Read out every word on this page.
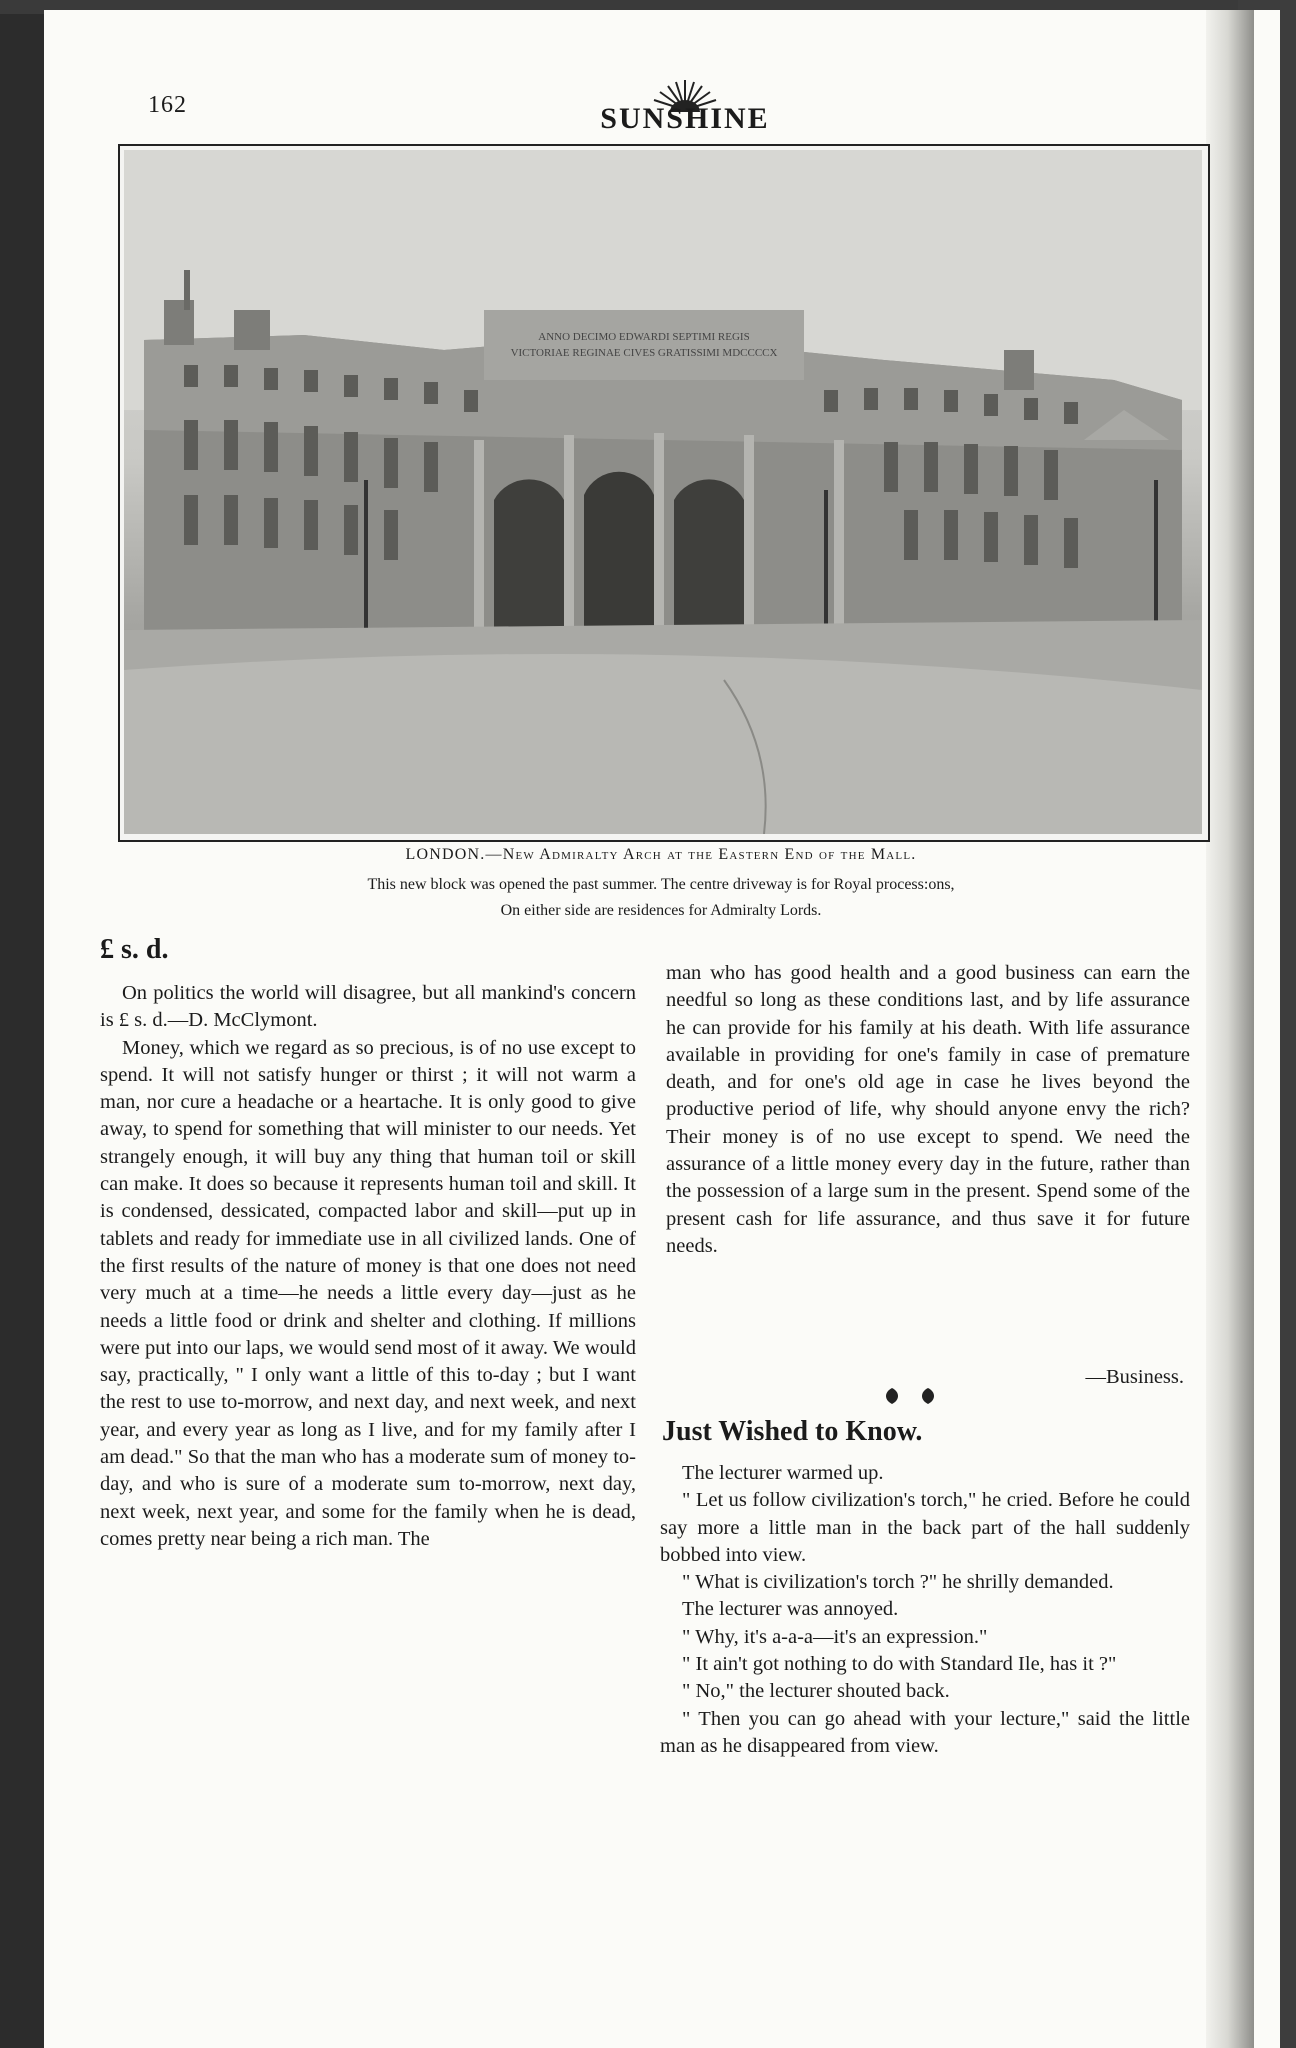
162	SUNSHINE
ANNO DECIMO EDWARDI SEPTIMI REGIS
VICTORIAE REGINAE CIVES GRATISSIMI MDCCCCX
LONDON.—New Admiralty Arch at the Eastern End of the Mall.
This new block was opened the past summer. The centre driveway is for Royal process:ons,
On either side are residences for Admiralty Lords.
£ s. d.

On politics the world will disagree, but all mankind's concern is £ s. d.—D. McClymont.

Money, which we regard as so precious, is of no use except to spend. It will not satisfy hunger or thirst ; it will not warm a man, nor cure a headache or a heartache. It is only good to give away, to spend for something that will minister to our needs. Yet strangely enough, it will buy any thing that human toil or skill can make. It does so because it represents human toil and skill. It is condensed, dessicated, compacted labor and skill—put up in tablets and ready for immediate use in all civilized lands. One of the first results of the nature of money is that one does not need very much at a time—he needs a little every day—just as he needs a little food or drink and shelter and clothing. If millions were put into our laps, we would send most of it away. We would say, practically, " I only want a little of this to-day ; but I want the rest to use to-morrow, and next day, and next week, and next year, and every year as long as I live, and for my family after I am dead." So that the man who has a moderate sum of money to-day, and who is sure of a moderate sum to-morrow, next day, next week, next year, and some for the family when he is dead, comes pretty near being a rich man. The

man who has good health and a good business can earn the needful so long as these conditions last, and by life assurance he can provide for his family at his death. With life assurance available in providing for one's family in case of premature death, and for one's old age in case he lives beyond the productive period of life, why should anyone envy the rich? Their money is of no use except to spend. We need the assurance of a little money every day in the future, rather than the possession of a large sum in the present. Spend some of the present cash for life assurance, and thus save it for future needs.

—Business.
Just Wished to Know.

The lecturer warmed up.

" Let us follow civilization's torch," he cried. Before he could say more a little man in the back part of the hall suddenly bobbed into view.

" What is civilization's torch ?" he shrilly demanded.

The lecturer was annoyed.

" Why, it's a-a-a—it's an expression."

" It ain't got nothing to do with Standard Ile, has it ?"

" No," the lecturer shouted back.

" Then you can go ahead with your lecture," said the little man as he disappeared from view.
